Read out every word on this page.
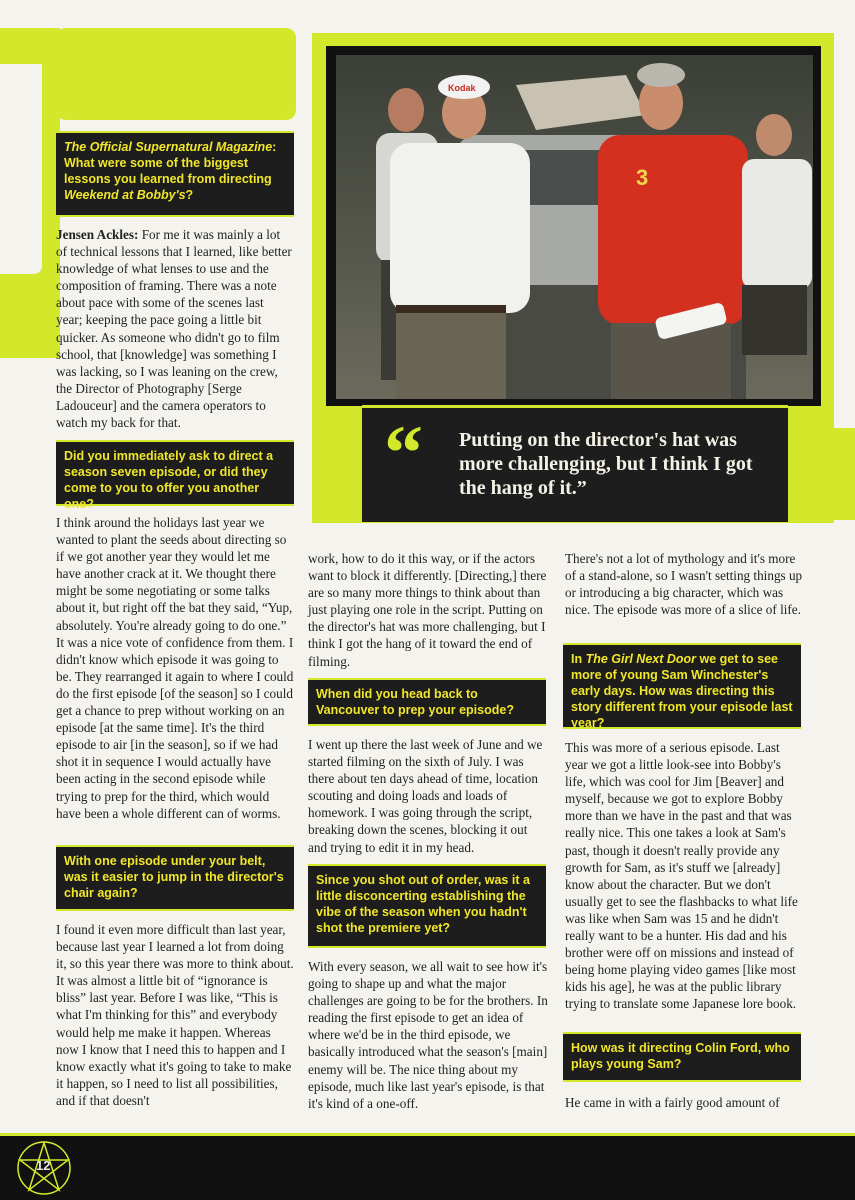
3
Kodak
“ Putting on the director's hat was more challenging, but I think I got the hang of it.”
The Official Supernatural Magazine: What were some of the biggest lessons you learned from directing Weekend at Bobby's?

Jensen Ackles: For me it was mainly a lot of technical lessons that I learned, like better knowledge of what lenses to use and the composition of framing. There was a note about pace with some of the scenes last year; keeping the pace going a little bit quicker. As someone who didn't go to film school, that [knowledge] was something I was lacking, so I was leaning on the crew, the Director of Photography [Serge Ladouceur] and the camera operators to watch my back for that.

Did you immediately ask to direct a season seven episode, or did they come to you to offer you another one?

I think around the holidays last year we wanted to plant the seeds about directing so if we got another year they would let me have another crack at it. We thought there might be some negotiating or some talks about it, but right off the bat they said, “Yup, absolutely. You're already going to do one.” It was a nice vote of confidence from them. I didn't know which episode it was going to be. They rearranged it again to where I could do the first episode [of the season] so I could get a chance to prep without working on an episode [at the same time]. It's the third episode to air [in the season], so if we had shot it in sequence I would actually have been acting in the second episode while trying to prep for the third, which would have been a whole different can of worms.

With one episode under your belt, was it easier to jump in the director's chair again?

I found it even more difficult than last year, because last year I learned a lot from doing it, so this year there was more to think about. It was almost a little bit of “ignorance is bliss” last year. Before I was like, “This is what I'm thinking for this” and everybody would help me make it happen. Whereas now I know that I need this to happen and I know exactly what it's going to take to make it happen, so I need to list all possibilities, and if that doesn't

work, how to do it this way, or if the actors want to block it differently. [Directing,] there are so many more things to think about than just playing one role in the script. Putting on the director's hat was more challenging, but I think I got the hang of it toward the end of filming.

When did you head back to Vancouver to prep your episode?

I went up there the last week of June and we started filming on the sixth of July. I was there about ten days ahead of time, location scouting and doing loads and loads of homework. I was going through the script, breaking down the scenes, blocking it out and trying to edit it in my head.

Since you shot out of order, was it a little disconcerting establishing the vibe of the season when you hadn't shot the premiere yet?

With every season, we all wait to see how it's going to shape up and what the major challenges are going to be for the brothers. In reading the first episode to get an idea of where we'd be in the third episode, we basically introduced what the season's [main] enemy will be. The nice thing about my episode, much like last year's episode, is that it's kind of a one-off.

There's not a lot of mythology and it's more of a stand-alone, so I wasn't setting things up or introducing a big character, which was nice. The episode was more of a slice of life.

In The Girl Next Door we get to see more of young Sam Winchester's early days. How was directing this story different from your episode last year?

This was more of a serious episode. Last year we got a little look-see into Bobby's life, which was cool for Jim [Beaver] and myself, because we got to explore Bobby more than we have in the past and that was really nice. This one takes a look at Sam's past, though it doesn't really provide any growth for Sam, as it's stuff we [already] know about the character. But we don't usually get to see the flashbacks to what life was like when Sam was 15 and he didn't really want to be a hunter. His dad and his brother were off on missions and instead of being home playing video games [like most kids his age], he was at the public library trying to translate some Japanese lore book.

How was it directing Colin Ford, who plays young Sam?

He came in with a fairly good amount of

12
